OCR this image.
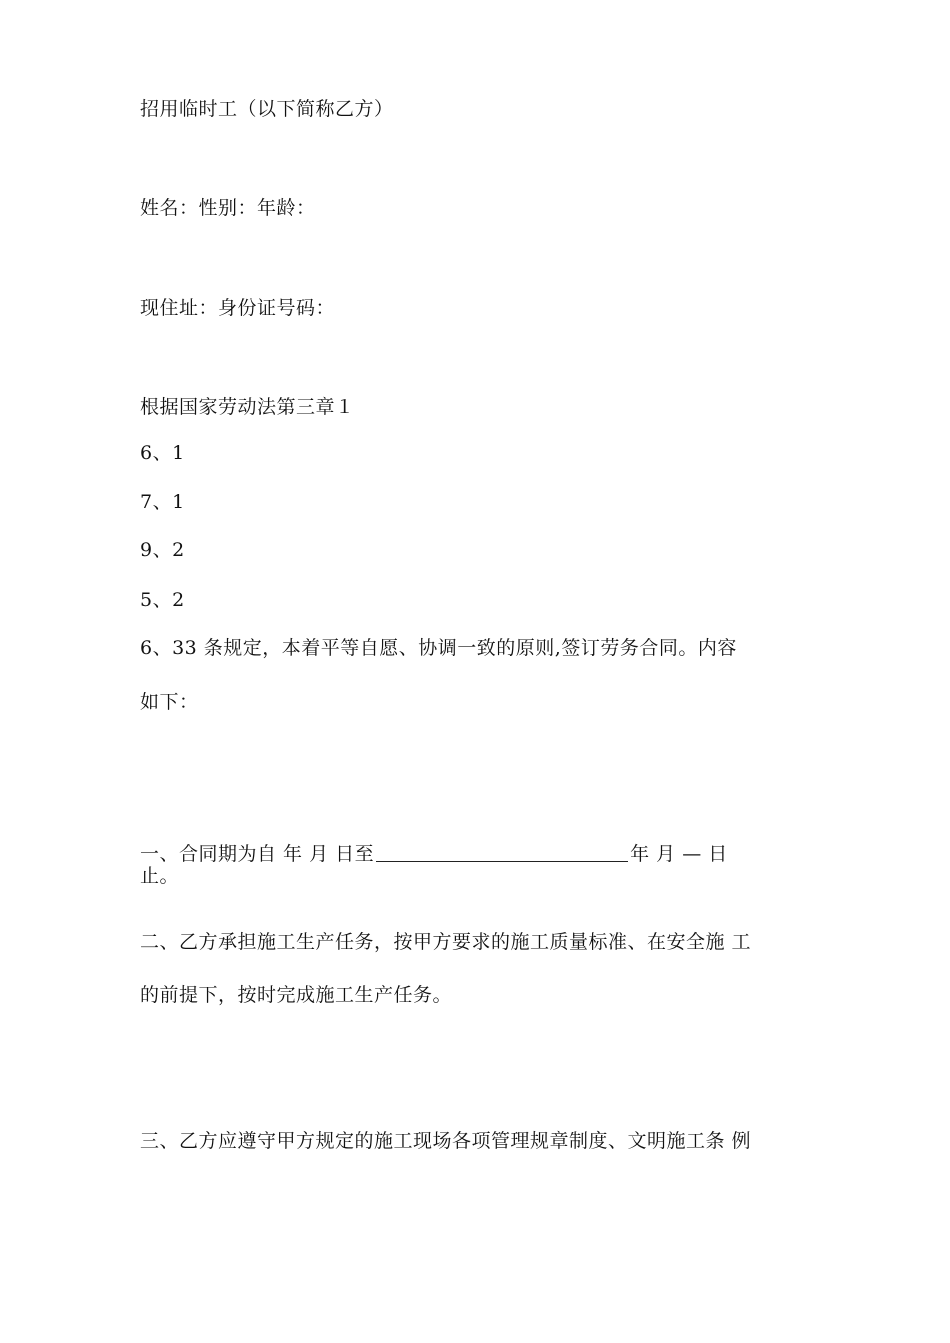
招用临时工（以下简称乙方）
姓名：性别：年龄：
现住址：身份证号码：
根据国家劳动法第三章１
6、1
7、1
9、2
5、2
6、33 条规定，本着平等自愿、协调一致的原则,签订劳务合同。内容
如下：
一、合同期为自 年 月 日至	年 月 — 日
止。
二、乙方承担施工生产任务，按甲方要求的施工质量标准、在安全施 工
的前提下，按时完成施工生产任务。
三、乙方应遵守甲方规定的施工现场各项管理规章制度、文明施工条 例
